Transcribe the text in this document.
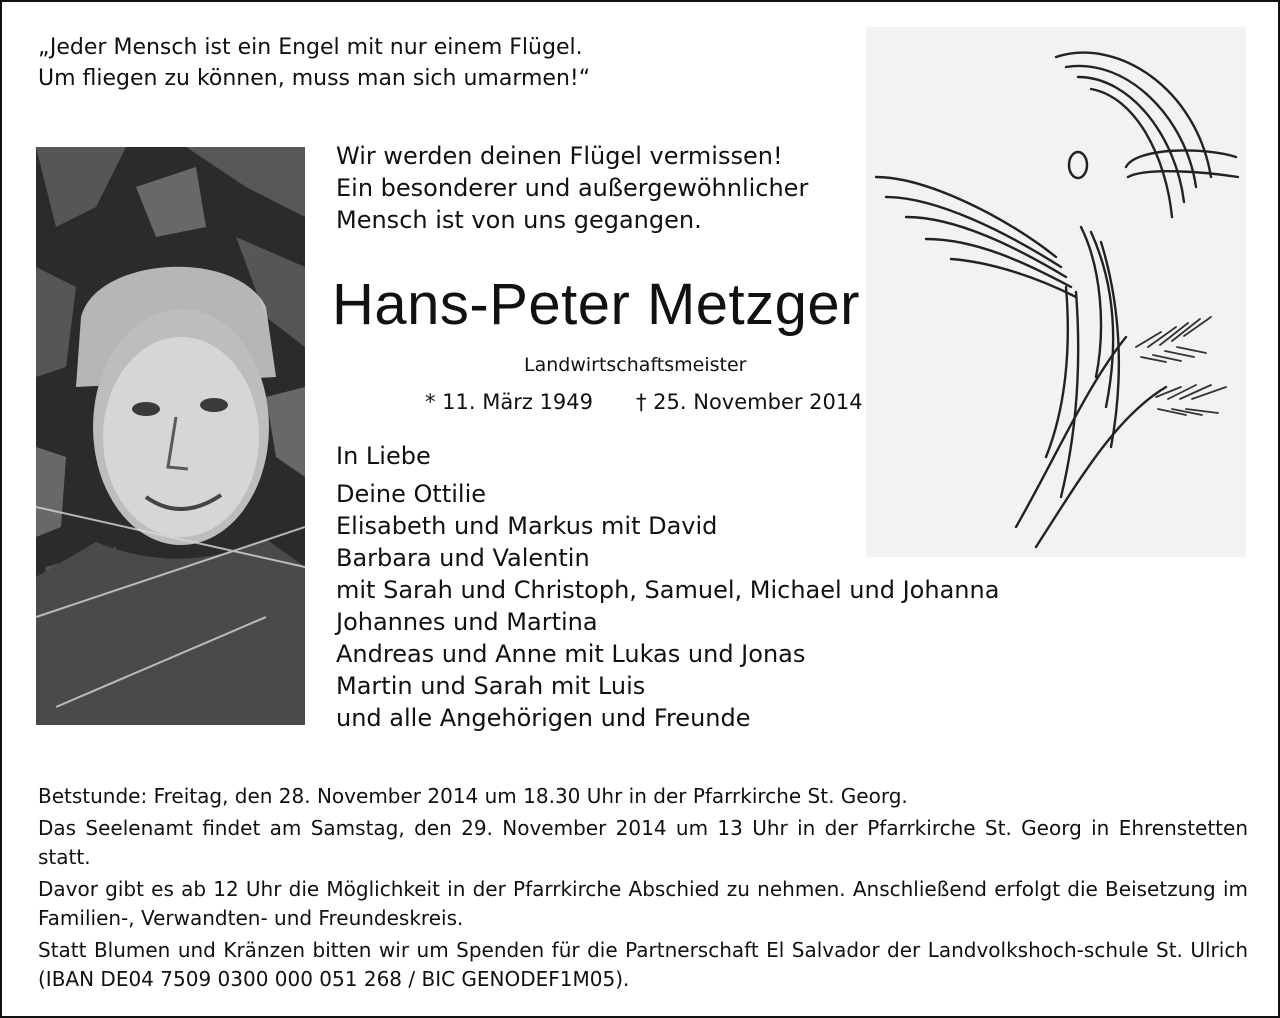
„Jeder Mensch ist ein Engel mit nur einem Flügel.
Um fliegen zu können, muss man sich umarmen!“
Wir werden deinen Flügel vermissen!
Ein besonderer und außergewöhnlicher
Mensch ist von uns gegangen.
Hans-Peter Metzger
Landwirtschaftsmeister
* 11. März 1949 † 25. November 2014
In Liebe
Deine Ottilie
Elisabeth und Markus mit David
Barbara und Valentin
mit Sarah und Christoph, Samuel, Michael und Johanna
Johannes und Martina
Andreas und Anne mit Lukas und Jonas
Martin und Sarah mit Luis
und alle Angehörigen und Freunde
Betstunde: Freitag, den 28. November 2014 um 18.30 Uhr in der Pfarrkirche St. Georg.
Das Seelenamt findet am Samstag, den 29. November 2014 um 13 Uhr in der Pfarrkirche St. Georg in Ehrenstetten statt.
Davor gibt es ab 12 Uhr die Möglichkeit in der Pfarrkirche Abschied zu nehmen. Anschließend erfolgt die Beisetzung im Familien-, Verwandten- und Freundeskreis.
Statt Blumen und Kränzen bitten wir um Spenden für die Partnerschaft El Salvador der Landvolkshoch-schule St. Ulrich (IBAN DE04 7509 0300 000 051 268 / BIC GENODEF1M05).
